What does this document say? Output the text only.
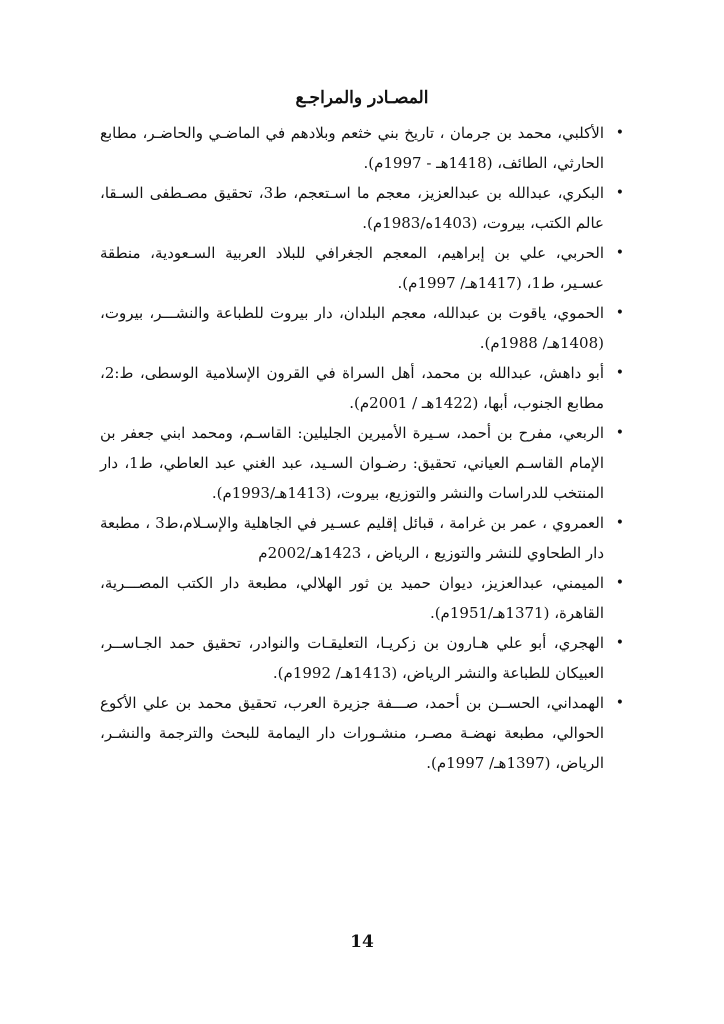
المصـادر والمراجـع
•
الأكلبي، محمد بن جرمان ، تاريخ بني خثعم وبلادهم في الماضـي والحاضـر، مطابع الحارثي، الطائف، (1418هـ - 1997م).
•
البكري، عبدالله بن عبدالعزيز، معجم ما اسـتعجم، ط3، تحقيق مصـطفى السـقا، عالم الكتب، بيروت، (1403ه/1983م).
•
الحربي، علي بن إبراهيم، المعجم الجغرافي للبلاد العربية السـعودية، منطقة عسـير، ط1، (1417هـ/ 1997م).
•
الحموي، ياقوت بن عبدالله، معجم البلدان، دار بيروت للطباعة والنشـــر، بيروت، (1408هـ/ 1988م).
•
أبو داهش، عبدالله بن محمد، أهل السراة في القرون الإسلامية الوسطى، ط:2، مطابع الجنوب، أبها، (1422هـ / 2001م).
•
الربعي، مفرح بن أحمد، سـيرة الأميرين الجليلين: القاسـم، ومحمد ابني جعفر بن الإمام القاسـم العياني، تحقيق: رضـوان السـيد، عبد الغني عبد العاطي، ط1، دار المنتخب للدراسات والنشر والتوزيع، بيروت، (1413هـ/1993م).
•
العمروي ، عمر بن غرامة ، قبائل إقليم عسـير في الجاهلية والإسـلام،ط3 ، مطبعة دار الطحاوي للنشر والتوزيع ، الرياض ، 1423هـ/2002م
•
الميمني، عبدالعزيز، ديوان حميد ين ثور الهلالي، مطبعة دار الكتب المصـــرية، القاهرة، (1371هـ/1951م).
•
الهجري، أبو علي هـارون بن زكريـا، التعليقـات والنوادر، تحقيق حمد الجـاســر، العبيكان للطباعة والنشر الرياض، (1413هـ/ 1992م).
•
الهمداني، الحســن بن أحمد، صـــفة جزيرة العرب، تحقيق محمد بن علي الأكوع الحوالي، مطبعة نهضـة مصـر، منشـورات دار اليمامة للبحث والترجمة والنشـر، الرياض، (1397هـ/ 1997م).
14
